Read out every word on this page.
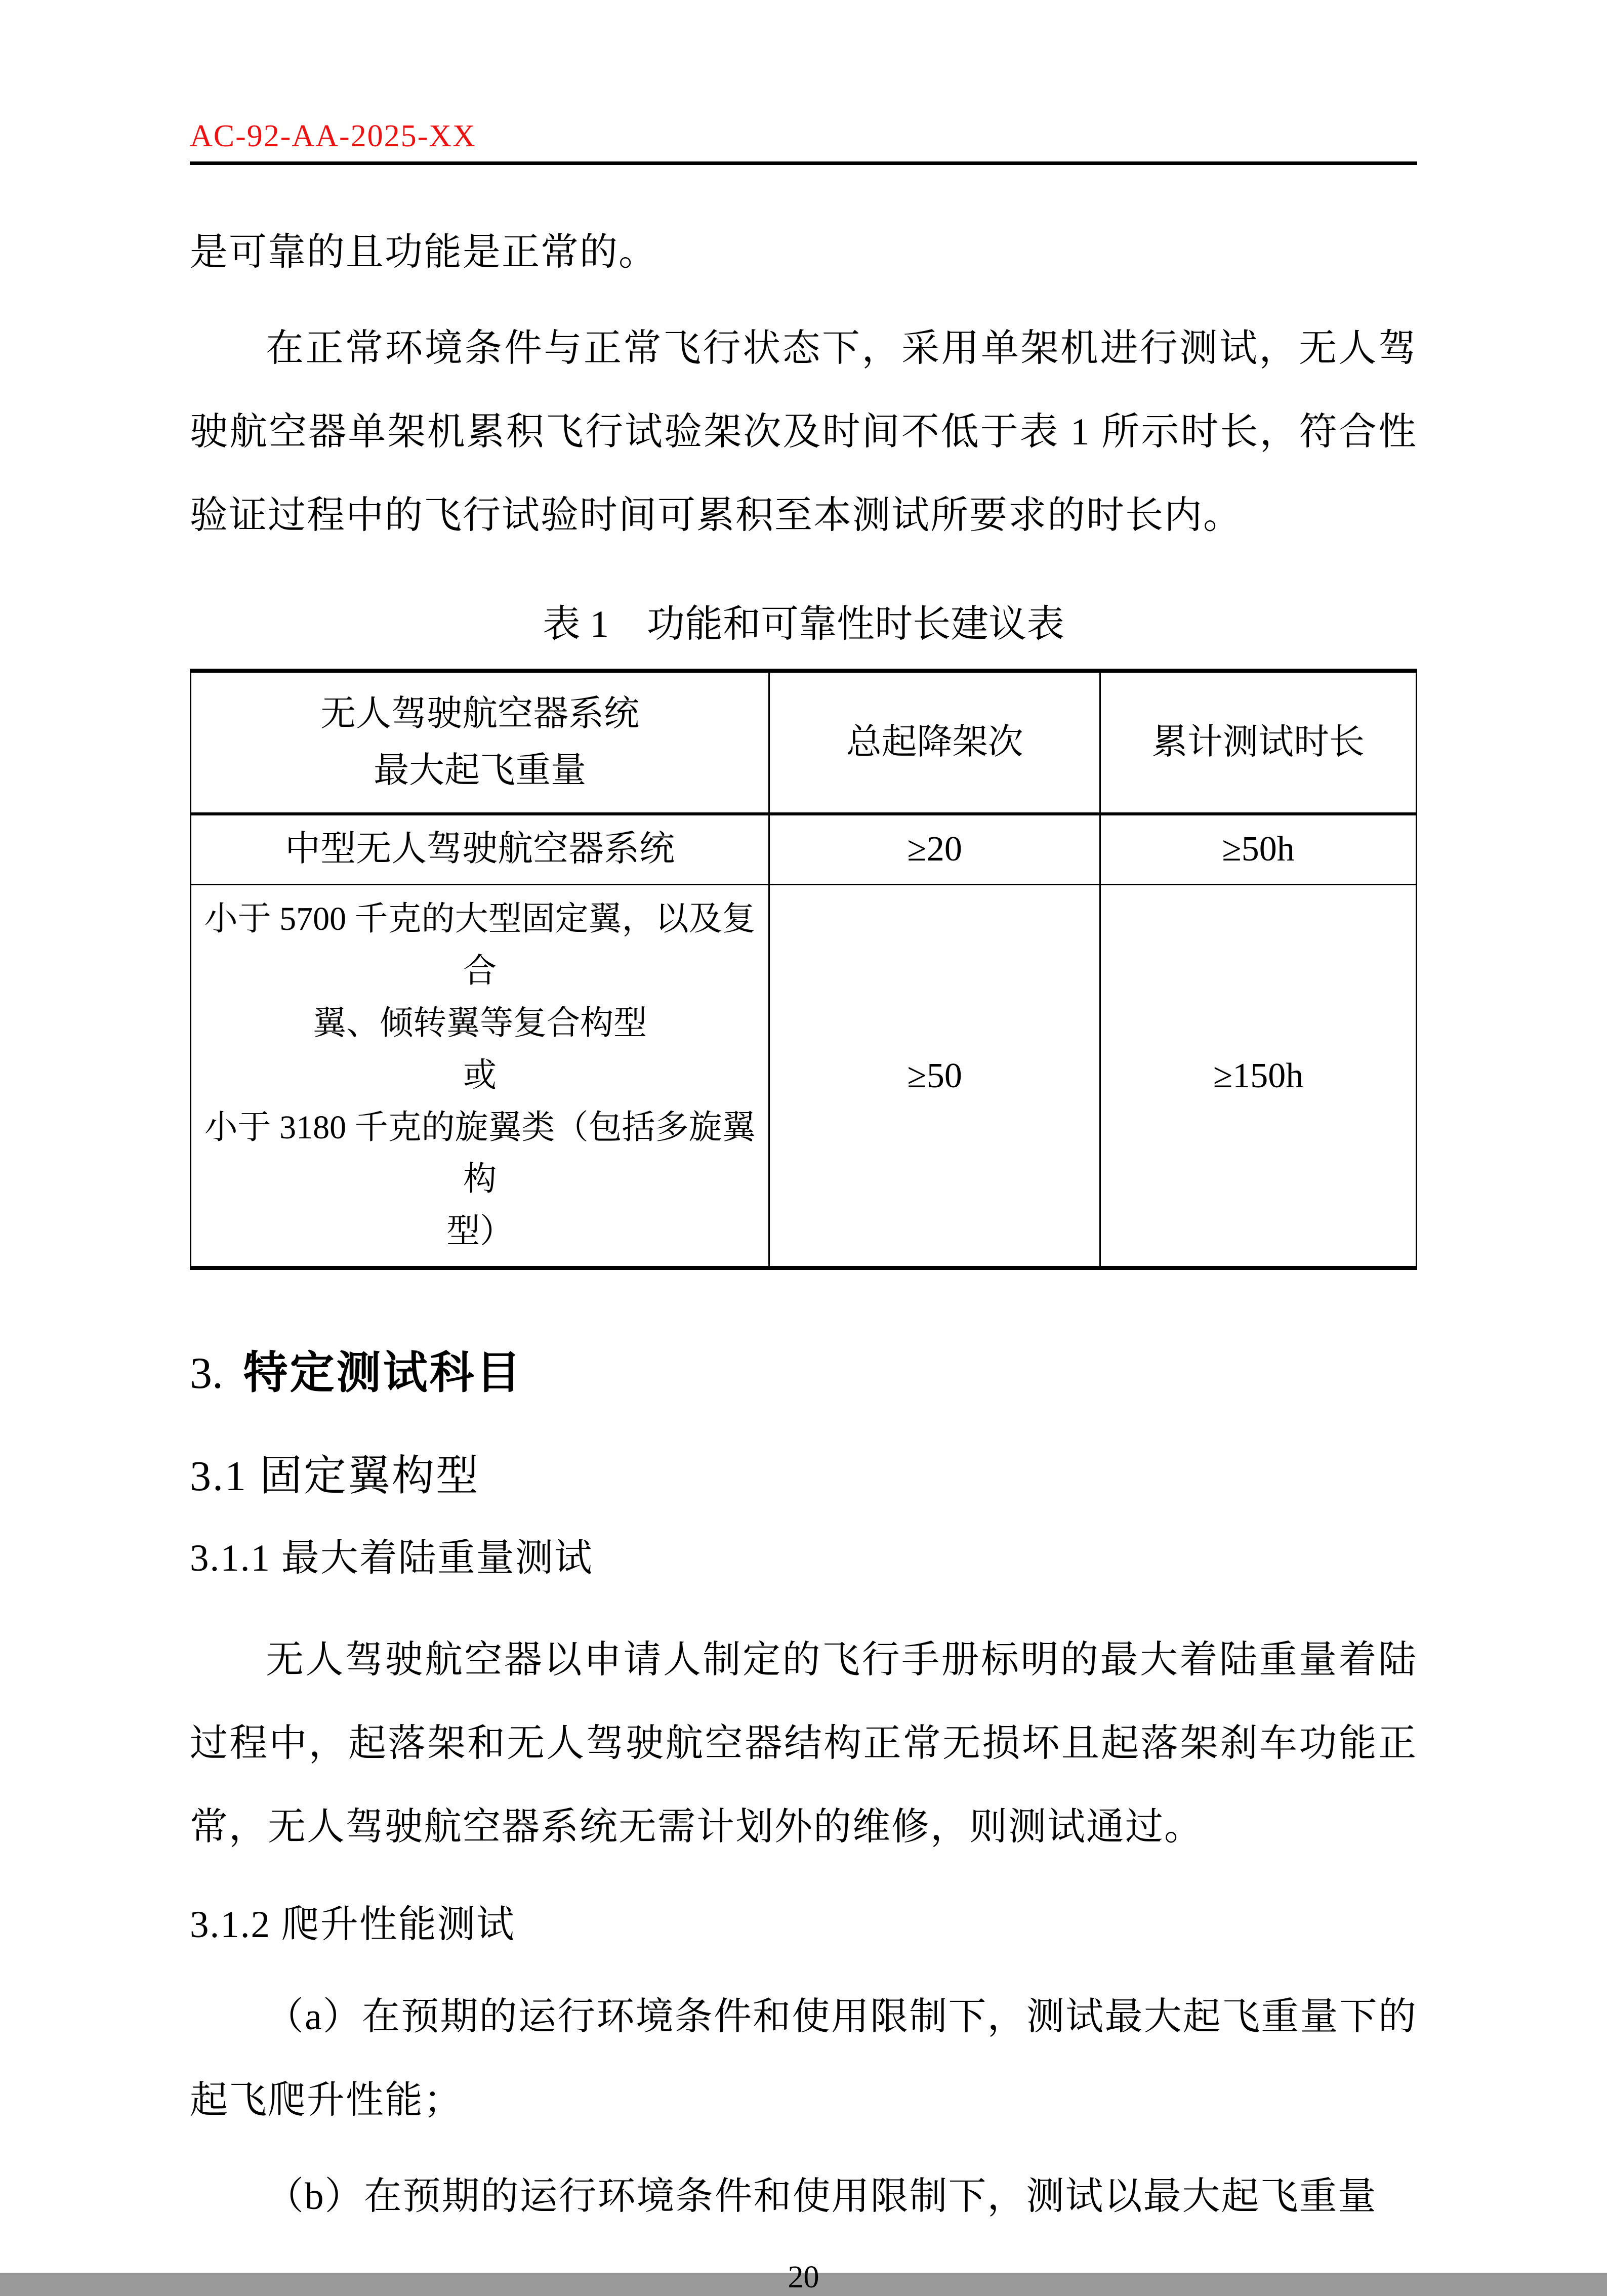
AC-92-AA-2025-XX

是可靠的且功能是正常的。

在正常环境条件与正常飞行状态下，采用单架机进行测试，无人驾驶航空器单架机累积飞行试验架次及时间不低于表 1 所示时长，符合性验证过程中的飞行试验时间可累积至本测试所要求的时长内。

表 1　功能和可靠性时长建议表
无人驾驶航空器系统
最大起飞重量	总起降架次	累计测试时长
中型无人驾驶航空器系统	≥20	≥50h

小于 5700 千克的大型固定翼，以及复合
翼、倾转翼等复合构型
或
小于 3180 千克的旋翼类（包括多旋翼构
型）	≥50	≥150h
3. 特定测试科目
3.1 固定翼构型
3.1.1 最大着陆重量测试

无人驾驶航空器以申请人制定的飞行手册标明的最大着陆重量着陆过程中，起落架和无人驾驶航空器结构正常无损坏且起落架刹车功能正常，无人驾驶航空器系统无需计划外的维修，则测试通过。

3.1.2 爬升性能测试

（a）在预期的运行环境条件和使用限制下，测试最大起飞重量下的起飞爬升性能；

（b）在预期的运行环境条件和使用限制下，测试以最大起飞重量

20
